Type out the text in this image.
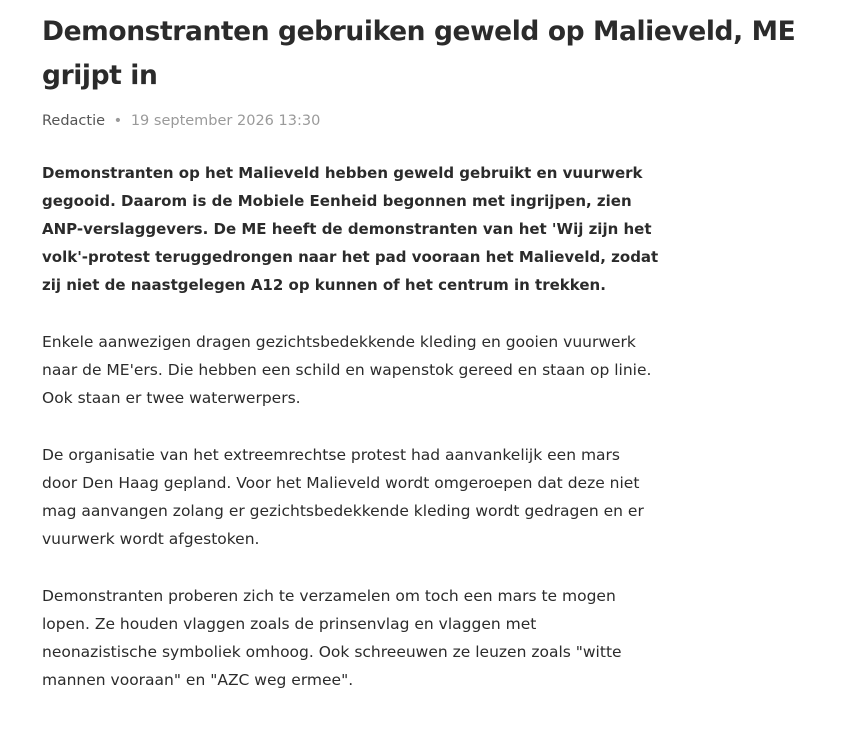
Demonstranten gebruiken geweld op Malieveld, ME grijpt in
Redactie • 19 september 2026 13:30

Demonstranten op het Malieveld hebben geweld gebruikt en vuurwerk
gegooid. Daarom is de Mobiele Eenheid begonnen met ingrijpen, zien
ANP-verslaggevers. De ME heeft de demonstranten van het 'Wij zijn het
volk'-protest teruggedrongen naar het pad vooraan het Malieveld, zodat
zij niet de naastgelegen A12 op kunnen of het centrum in trekken.

Enkele aanwezigen dragen gezichtsbedekkende kleding en gooien vuurwerk
naar de ME'ers. Die hebben een schild en wapenstok gereed en staan op linie.
Ook staan er twee waterwerpers.

De organisatie van het extreemrechtse protest had aanvankelijk een mars
door Den Haag gepland. Voor het Malieveld wordt omgeroepen dat deze niet
mag aanvangen zolang er gezichtsbedekkende kleding wordt gedragen en er
vuurwerk wordt afgestoken.

Demonstranten proberen zich te verzamelen om toch een mars te mogen
lopen. Ze houden vlaggen zoals de prinsenvlag en vlaggen met
neonazistische symboliek omhoog. Ook schreeuwen ze leuzen zoals "witte
mannen vooraan" en "AZC weg ermee".
